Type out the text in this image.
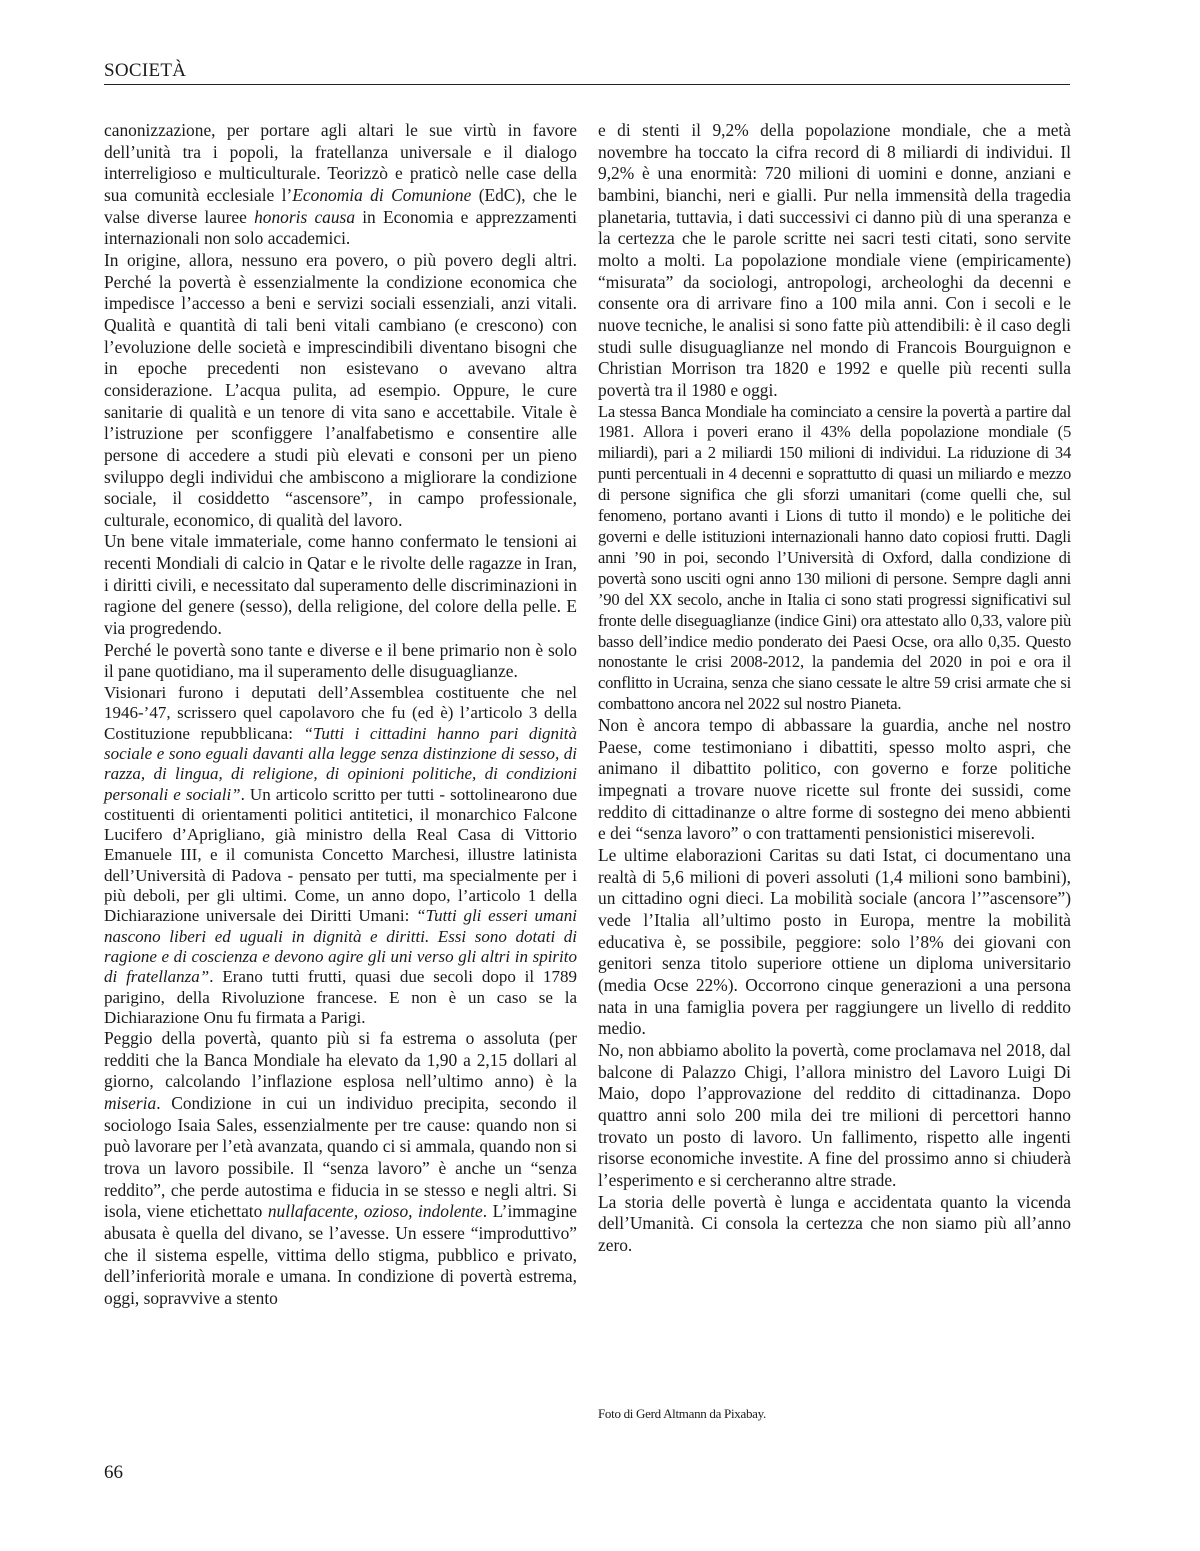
SOCIETÀ

canonizzazione, per portare agli altari le sue virtù in favore dell’unità tra i popoli, la fratellanza universale e il dialogo interreligioso e multiculturale. Teorizzò e praticò nelle case della sua comunità ecclesiale l’Economia di Comunione (EdC), che le valse diverse lauree honoris causa in Economia e apprezzamenti internazionali non solo accademici.

In origine, allora, nessuno era povero, o più povero degli altri. Perché la povertà è essenzialmente la condizione economica che impedisce l’accesso a beni e servizi sociali essenziali, anzi vitali. Qualità e quantità di tali beni vitali cambiano (e crescono) con l’evoluzione delle società e imprescindibili diventano bisogni che in epoche precedenti non esistevano o avevano altra considerazione. L’acqua pulita, ad esempio. Oppure, le cure sanitarie di qualità e un tenore di vita sano e accettabile. Vitale è l’istruzione per sconfiggere l’analfabetismo e consentire alle persone di accedere a studi più elevati e consoni per un pieno sviluppo degli individui che ambiscono a migliorare la condizione sociale, il cosiddetto “ascensore”, in campo professionale, culturale, economico, di qualità del lavoro.

Un bene vitale immateriale, come hanno confermato le tensioni ai recenti Mondiali di calcio in Qatar e le rivolte delle ragazze in Iran, i diritti civili, e necessitato dal superamento delle discriminazioni in ragione del genere (sesso), della religione, del colore della pelle. E via progredendo.

Perché le povertà sono tante e diverse e il bene primario non è solo il pane quotidiano, ma il superamento delle disuguaglianze.

Visionari furono i deputati dell’Assemblea costituente che nel 1946-’47, scrissero quel capolavoro che fu (ed è) l’articolo 3 della Costituzione repubblicana: “Tutti i cittadini hanno pari dignità sociale e sono eguali davanti alla legge senza distinzione di sesso, di razza, di lingua, di religione, di opinioni politiche, di condizioni personali e sociali”. Un articolo scritto per tutti - sottolinearono due costituenti di orientamenti politici antitetici, il monarchico Falcone Lucifero d’Aprigliano, già ministro della Real Casa di Vittorio Emanuele III, e il comunista Concetto Marchesi, illustre latinista dell’Università di Padova - pensato per tutti, ma specialmente per i più deboli, per gli ultimi. Come, un anno dopo, l’articolo 1 della Dichiarazione universale dei Diritti Umani: “Tutti gli esseri umani nascono liberi ed uguali in dignità e diritti. Essi sono dotati di ragione e di coscienza e devono agire gli uni verso gli altri in spirito di fratellanza”. Erano tutti frutti, quasi due secoli dopo il 1789 parigino, della Rivoluzione francese. E non è un caso se la Dichiarazione Onu fu firmata a Parigi.

Peggio della povertà, quanto più si fa estrema o assoluta (per redditi che la Banca Mondiale ha elevato da 1,90 a 2,15 dollari al giorno, calcolando l’inflazione esplosa nell’ultimo anno) è la miseria. Condizione in cui un individuo precipita, secondo il sociologo Isaia Sales, essenzialmente per tre cause: quando non si può lavorare per l’età avanzata, quando ci si ammala, quando non si trova un lavoro possibile. Il “senza lavoro” è anche un “senza reddito”, che perde autostima e fiducia in se stesso e negli altri. Si isola, viene etichettato nullafacente, ozioso, indolente. L’immagine abusata è quella del divano, se l’avesse. Un essere “improduttivo” che il sistema espelle, vittima dello stigma, pubblico e privato, dell’inferiorità morale e umana. In condizione di povertà estrema, oggi, sopravvive a stento

e di stenti il 9,2% della popolazione mondiale, che a metà novembre ha toccato la cifra record di 8 miliardi di individui. Il 9,2% è una enormità: 720 milioni di uomini e donne, anziani e bambini, bianchi, neri e gialli. Pur nella immensità della tragedia planetaria, tuttavia, i dati successivi ci danno più di una speranza e la certezza che le parole scritte nei sacri testi citati, sono servite molto a molti. La popolazione mondiale viene (empiricamente) “misurata” da sociologi, antropologi, archeologhi da decenni e consente ora di arrivare fino a 100 mila anni. Con i secoli e le nuove tecniche, le analisi si sono fatte più attendibili: è il caso degli studi sulle disuguaglianze nel mondo di Francois Bourguignon e Christian Morrison tra 1820 e 1992 e quelle più recenti sulla povertà tra il 1980 e oggi.

La stessa Banca Mondiale ha cominciato a censire la povertà a partire dal 1981. Allora i poveri erano il 43% della popolazione mondiale (5 miliardi), pari a 2 miliardi 150 milioni di individui. La riduzione di 34 punti percentuali in 4 decenni e soprattutto di quasi un miliardo e mezzo di persone significa che gli sforzi umanitari (come quelli che, sul fenomeno, portano avanti i Lions di tutto il mondo) e le politiche dei governi e delle istituzioni internazionali hanno dato copiosi frutti. Dagli anni ’90 in poi, secondo l’Università di Oxford, dalla condizione di povertà sono usciti ogni anno 130 milioni di persone. Sempre dagli anni ’90 del XX secolo, anche in Italia ci sono stati progressi significativi sul fronte delle diseguaglianze (indice Gini) ora attestato allo 0,33, valore più basso dell’indice medio ponderato dei Paesi Ocse, ora allo 0,35. Questo nonostante le crisi 2008-2012, la pandemia del 2020 in poi e ora il conflitto in Ucraina, senza che siano cessate le altre 59 crisi armate che si combattono ancora nel 2022 sul nostro Pianeta.

Non è ancora tempo di abbassare la guardia, anche nel nostro Paese, come testimoniano i dibattiti, spesso molto aspri, che animano il dibattito politico, con governo e forze politiche impegnati a trovare nuove ricette sul fronte dei sussidi, come reddito di cittadinanze o altre forme di sostegno dei meno abbienti e dei “senza lavoro” o con trattamenti pensionistici miserevoli.

Le ultime elaborazioni Caritas su dati Istat, ci documentano una realtà di 5,6 milioni di poveri assoluti (1,4 milioni sono bambini), un cittadino ogni dieci. La mobilità sociale (ancora l’”ascensore”) vede l’Italia all’ultimo posto in Europa, mentre la mobilità educativa è, se possibile, peggiore: solo l’8% dei giovani con genitori senza titolo superiore ottiene un diploma universitario (media Ocse 22%). Occorrono cinque generazioni a una persona nata in una famiglia povera per raggiungere un livello di reddito medio.

No, non abbiamo abolito la povertà, come proclamava nel 2018, dal balcone di Palazzo Chigi, l’allora ministro del Lavoro Luigi Di Maio, dopo l’approvazione del reddito di cittadinanza. Dopo quattro anni solo 200 mila dei tre milioni di percettori hanno trovato un posto di lavoro. Un fallimento, rispetto alle ingenti risorse economiche investite. A fine del prossimo anno si chiuderà l’esperimento e si cercheranno altre strade.

La storia delle povertà è lunga e accidentata quanto la vicenda dell’Umanità. Ci consola la certezza che non siamo più all’anno zero.

Foto di Gerd Altmann da Pixabay.
66
